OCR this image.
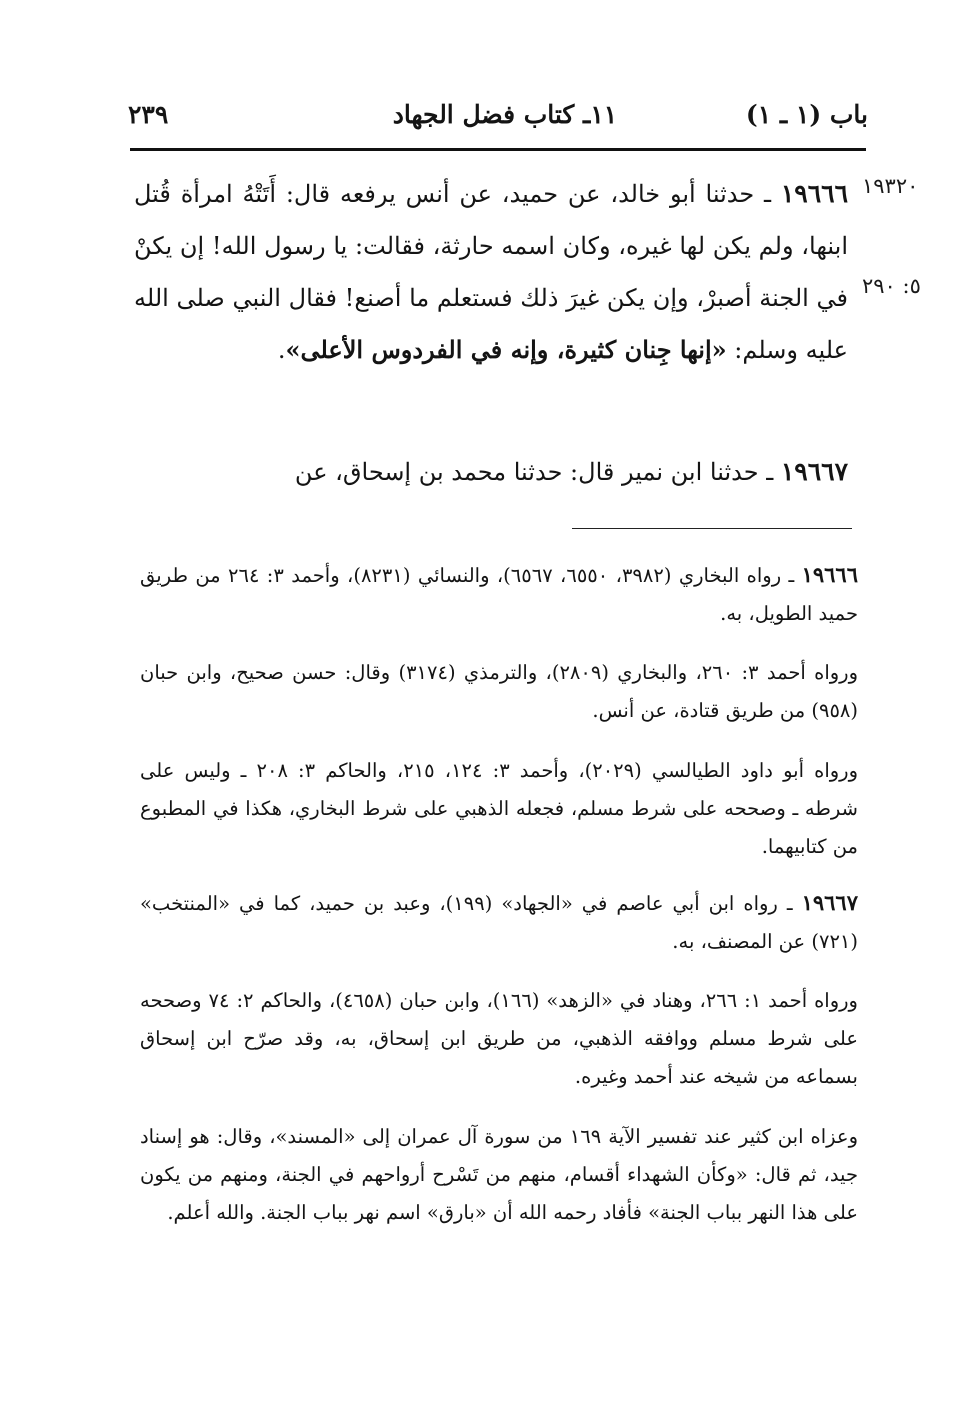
٢٣٩	١١ـ كتاب فضل الجهاد	باب (١ ـ ١)
١٩٣٢٠
٥: ٢٩٠

١٩٦٦٦ ـ حدثنا أبو خالد، عن حميد، عن أنس يرفعه قال: أَتَتْهُ امرأة قُتل ابنها، ولم يكن لها غيره، وكان اسمه حارثة، فقالت: يا رسول الله! إن يكنْ في الجنة أصبرْ، وإن يكن غيرَ ذلك فستعلم ما أصنع! فقال النبي صلى الله عليه وسلم: «إنها جِنان كثيرة، وإنه في الفردوس الأعلى».

١٩٦٦٧ ـ حدثنا ابن نمير قال: حدثنا محمد بن إسحاق، عن

١٩٦٦٦ ـ رواه البخاري (٣٩٨٢، ٦٥٥٠، ٦٥٦٧)، والنسائي (٨٢٣١)، وأحمد ٣: ٢٦٤ من طريق حميد الطويل، به.

ورواه أحمد ٣: ٢٦٠، والبخاري (٢٨٠٩)، والترمذي (٣١٧٤) وقال: حسن صحيح، وابن حبان (٩٥٨) من طريق قتادة، عن أنس.

ورواه أبو داود الطيالسي (٢٠٢٩)، وأحمد ٣: ١٢٤، ٢١٥، والحاكم ٣: ٢٠٨ ـ وليس على شرطه ـ وصححه على شرط مسلم، فجعله الذهبي على شرط البخاري، هكذا في المطبوع من كتابيهما.

١٩٦٦٧ ـ رواه ابن أبي عاصم في «الجهاد» (١٩٩)، وعبد بن حميد، كما في «المنتخب» (٧٢١) عن المصنف، به.

ورواه أحمد ١: ٢٦٦، وهناد في «الزهد» (١٦٦)، وابن حبان (٤٦٥٨)، والحاكم ٢: ٧٤ وصححه على شرط مسلم ووافقه الذهبي، من طريق ابن إسحاق، به، وقد صرّح ابن إسحاق بسماعه من شيخه عند أحمد وغيره.

وعزاه ابن كثير عند تفسير الآية ١٦٩ من سورة آل عمران إلى «المسند»، وقال: هو إسناد جيد، ثم قال: «وكأن الشهداء أقسام، منهم من تَسْرح أرواحهم في الجنة، ومنهم من يكون على هذا النهر بباب الجنة» فأفاد رحمه الله أن «بارق» اسم نهر بباب الجنة. والله أعلم.
